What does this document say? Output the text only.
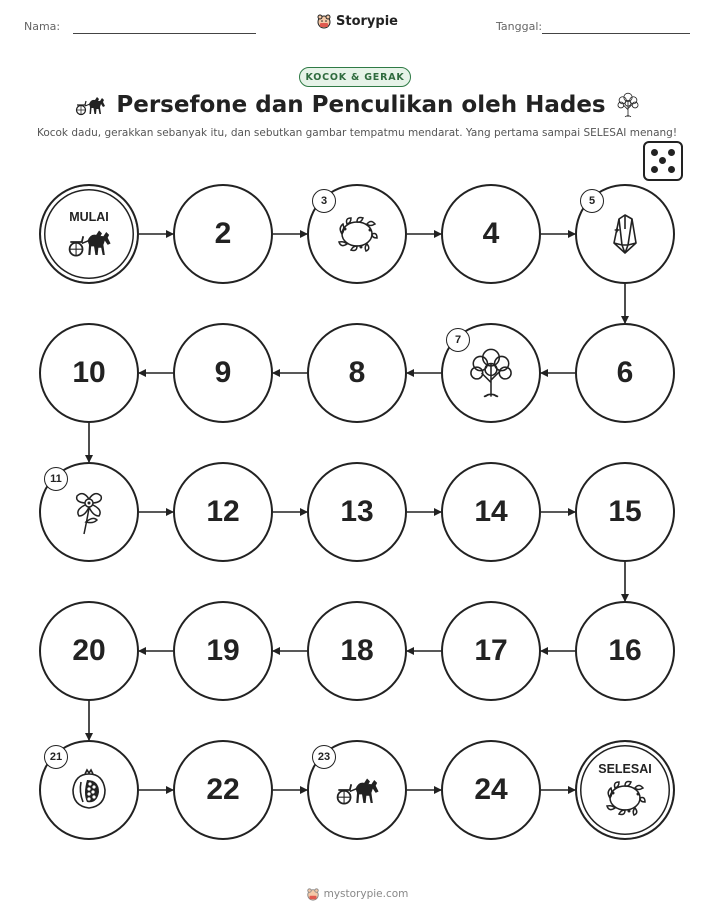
Nama:	Storypie	Tanggal:
KOCOK & GERAK
Persefone dan Penculikan oleh Hades
Kocok dadu, gerakkan sebanyak itu, dan sebutkan gambar tempatmu mendarat. Yang pertama sampai SELESAI menang!
MULAI	2
3
4
5
6
7
8
9
10
11
12	13	14	15
16
17
18
19
20
21
22
23
24
SELESAI
mystorypie.com
